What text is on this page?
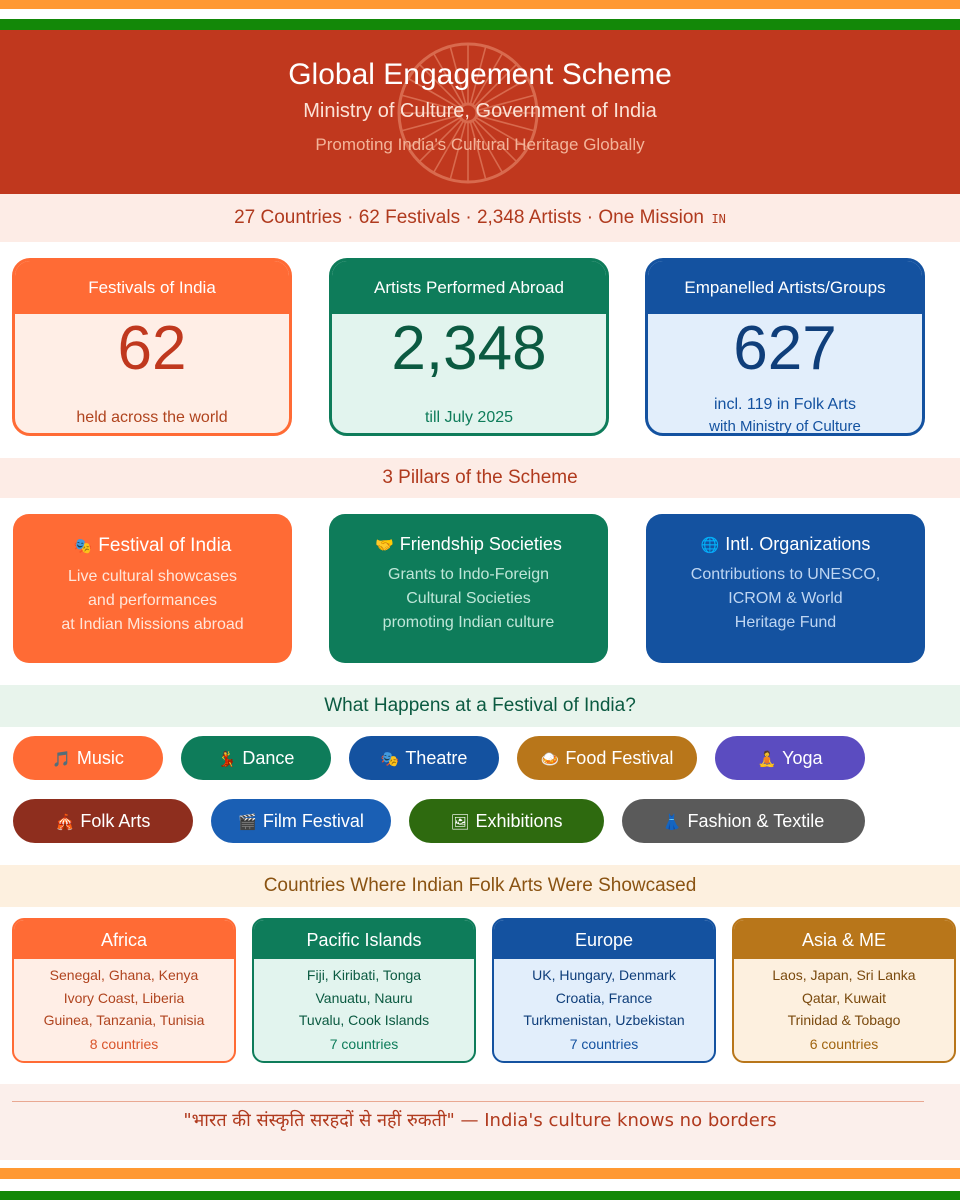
Global Engagement Scheme
Ministry of Culture, Government of India
Promoting India's Cultural Heritage Globally
27 Countries · 62 Festivals · 2,348 Artists · One Mission IN
Festivals of India
62
held across the world
Artists Performed Abroad
2,348
till July 2025
Empanelled Artists/Groups
627
incl. 119 in Folk Arts
with Ministry of Culture
3 Pillars of the Scheme
🎭 Festival of India
Live cultural showcases
and performances
at Indian Missions abroad
🤝 Friendship Societies
Grants to Indo-Foreign
Cultural Societies
promoting Indian culture
🌐 Intl. Organizations
Contributions to UNESCO,
ICROM & World
Heritage Fund
What Happens at a Festival of India?
🎵 Music	💃 Dance	🎭 Theatre	🍛 Food Festival	🧘 Yoga
🎪 Folk Arts	🎬 Film Festival	🖼 Exhibitions	👗 Fashion & Textile
Countries Where Indian Folk Arts Were Showcased
Africa
Senegal, Ghana, Kenya
Ivory Coast, Liberia
Guinea, Tanzania, Tunisia
8 countries
Pacific Islands
Fiji, Kiribati, Tonga
Vanuatu, Nauru
Tuvalu, Cook Islands
7 countries
Europe
UK, Hungary, Denmark
Croatia, France
Turkmenistan, Uzbekistan
7 countries
Asia & ME
Laos, Japan, Sri Lanka
Qatar, Kuwait
Trinidad & Tobago
6 countries
"भारत की संस्कृति सरहदों से नहीं रुकती" — India's culture knows no borders
